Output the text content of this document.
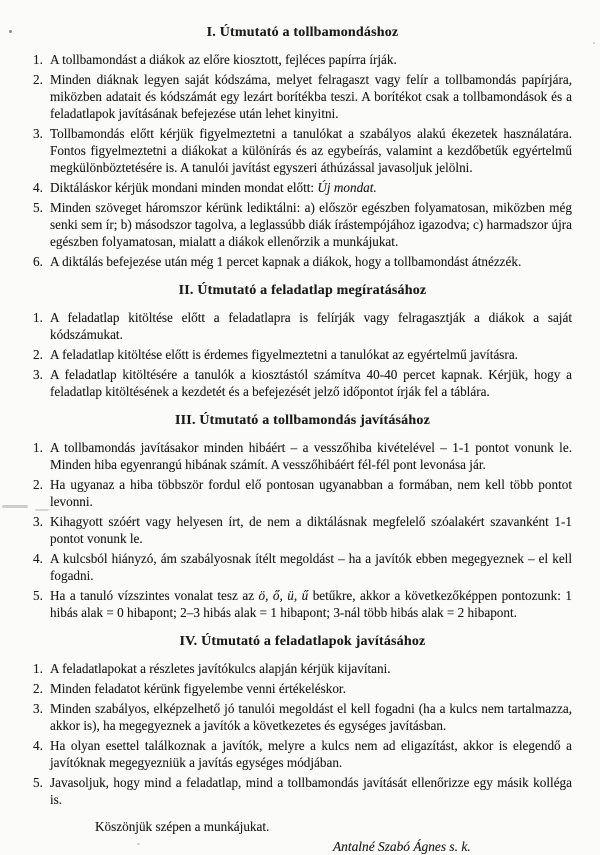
I. Útmutató a tollbamondáshoz
A tollbamondást a diákok az előre kiosztott, fejléces papírra írják.
Minden diáknak legyen saját kódszáma, melyet felragaszt vagy felír a tollbamondás papírjára, miközben adatait és kódszámát egy lezárt borítékba teszi. A borítékot csak a tollbamondások és a feladatlapok javításának befejezése után lehet kinyitni.
Tollbamondás előtt kérjük figyelmeztetni a tanulókat a szabályos alakú ékezetek használatára. Fontos figyelmeztetni a diákokat a különírás és az egybeírás, valamint a kezdőbetűk egyértelmű megkülönböztetésére is. A tanulói javítást egyszeri áthúzással javasoljuk jelölni.
Diktáláskor kérjük mondani minden mondat előtt: Új mondat.
Minden szöveget háromszor kérünk lediktálni: a) először egészben folyamatosan, miközben még senki sem ír; b) másodszor tagolva, a leglassúbb diák írástempójához igazodva; c) harmadszor újra egészben folyamatosan, mialatt a diákok ellenőrzik a munkájukat.
A diktálás befejezése után még 1 percet kapnak a diákok, hogy a tollbamondást átnézzék.
II. Útmutató a feladatlap megíratásához
A feladatlap kitöltése előtt a feladatlapra is felírják vagy felragasztják a diákok a saját kódszámukat.
A feladatlap kitöltése előtt is érdemes figyelmeztetni a tanulókat az egyértelmű javításra.
A feladatlap kitöltésére a tanulók a kiosztástól számítva 40-40 percet kapnak. Kérjük, hogy a feladatlap kitöltésének a kezdetét és a befejezését jelző időpontot írják fel a táblára.
III. Útmutató a tollbamondás javításához
A tollbamondás javításakor minden hibáért – a vesszőhiba kivételével – 1-1 pontot vonunk le. Minden hiba egyenrangú hibának számít. A vesszőhibáért fél-fél pont levonása jár.
Ha ugyanaz a hiba többször fordul elő pontosan ugyanabban a formában, nem kell több pontot levonni.
Kihagyott szóért vagy helyesen írt, de nem a diktálásnak megfelelő szóalakért szavanként 1-1 pontot vonunk le.
A kulcsból hiányzó, ám szabályosnak ítélt megoldást – ha a javítók ebben megegyeznek – el kell fogadni.
Ha a tanuló vízszintes vonalat tesz az ö, ő, ü, ű betűkre, akkor a következőképpen pontozunk: 1 hibás alak = 0 hibapont; 2–3 hibás alak = 1 hibapont; 3-nál több hibás alak = 2 hibapont.
IV. Útmutató a feladatlapok javításához
A feladatlapokat a részletes javítókulcs alapján kérjük kijavítani.
Minden feladatot kérünk figyelembe venni értékeléskor.
Minden szabályos, elképzelhető jó tanulói megoldást el kell fogadni (ha a kulcs nem tartalmazza, akkor is), ha megegyeznek a javítók a következetes és egységes javításban.
Ha olyan esettel találkoznak a javítók, melyre a kulcs nem ad eligazítást, akkor is elegendő a javítóknak megegyezniük a javítás egységes módjában.
Javasoljuk, hogy mind a feladatlap, mind a tollbamondás javítását ellenőrizze egy másik kolléga is.
Köszönjük szépen a munkájukat.
Antalné Szabó Ágnes s. k.
